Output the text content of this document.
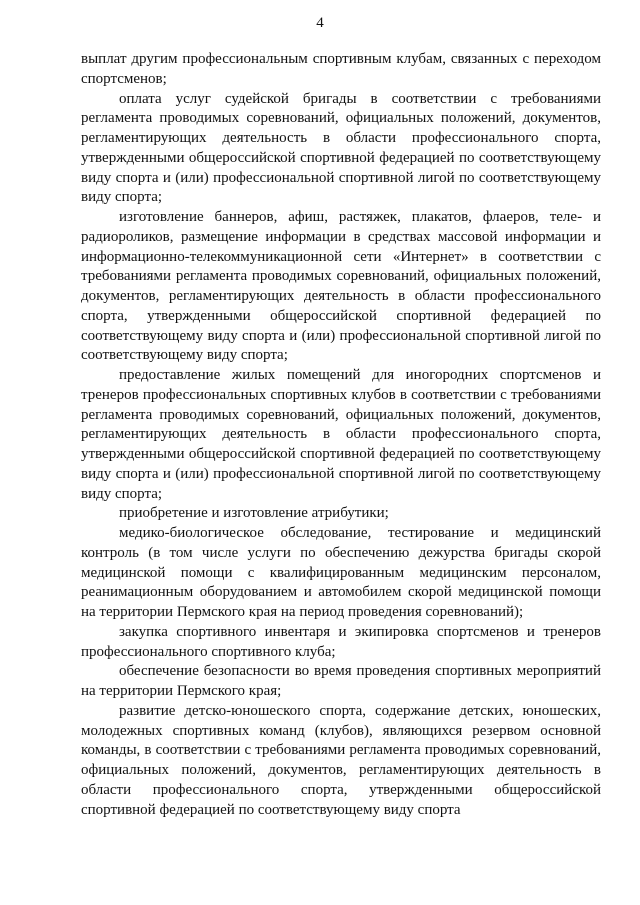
4

выплат другим профессиональным спортивным клубам, связанных с переходом спортсменов;

оплата услуг судейской бригады в соответствии с требованиями регламента проводимых соревнований, официальных положений, документов, регламентирующих деятельность в области профессионального спорта, утвержденными общероссийской спортивной федерацией по соответствующему виду спорта и (или) профессиональной спортивной лигой по соответствующему виду спорта;

изготовление баннеров, афиш, растяжек, плакатов, флаеров, теле- и радиороликов, размещение информации в средствах массовой информации и информационно-телекоммуникационной сети «Интернет» в соответствии с требованиями регламента проводимых соревнований, официальных положений, документов, регламентирующих деятельность в области профессионального спорта, утвержденными общероссийской спортивной федерацией по соответствующему виду спорта и (или) профессиональной спортивной лигой по соответствующему виду спорта;

предоставление жилых помещений для иногородних спортсменов и тренеров профессиональных спортивных клубов в соответствии с требованиями регламента проводимых соревнований, официальных положений, документов, регламентирующих деятельность в области профессионального спорта, утвержденными общероссийской спортивной федерацией по соответствующему виду спорта и (или) профессиональной спортивной лигой по соответствующему виду спорта;

приобретение и изготовление атрибутики;

медико-биологическое обследование, тестирование и медицинский контроль (в том числе услуги по обеспечению дежурства бригады скорой медицинской помощи с квалифицированным медицинским персоналом, реанимационным оборудованием и автомобилем скорой медицинской помощи на территории Пермского края на период проведения соревнований);

закупка спортивного инвентаря и экипировка спортсменов и тренеров профессионального спортивного клуба;

обеспечение безопасности во время проведения спортивных мероприятий на территории Пермского края;

развитие детско-юношеского спорта, содержание детских, юношеских, молодежных спортивных команд (клубов), являющихся резервом основной команды, в соответствии с требованиями регламента проводимых соревнований, официальных положений, документов, регламентирующих деятельность в области профессионального спорта, утвержденными общероссийской спортивной федерацией по соответствующему виду спорта
